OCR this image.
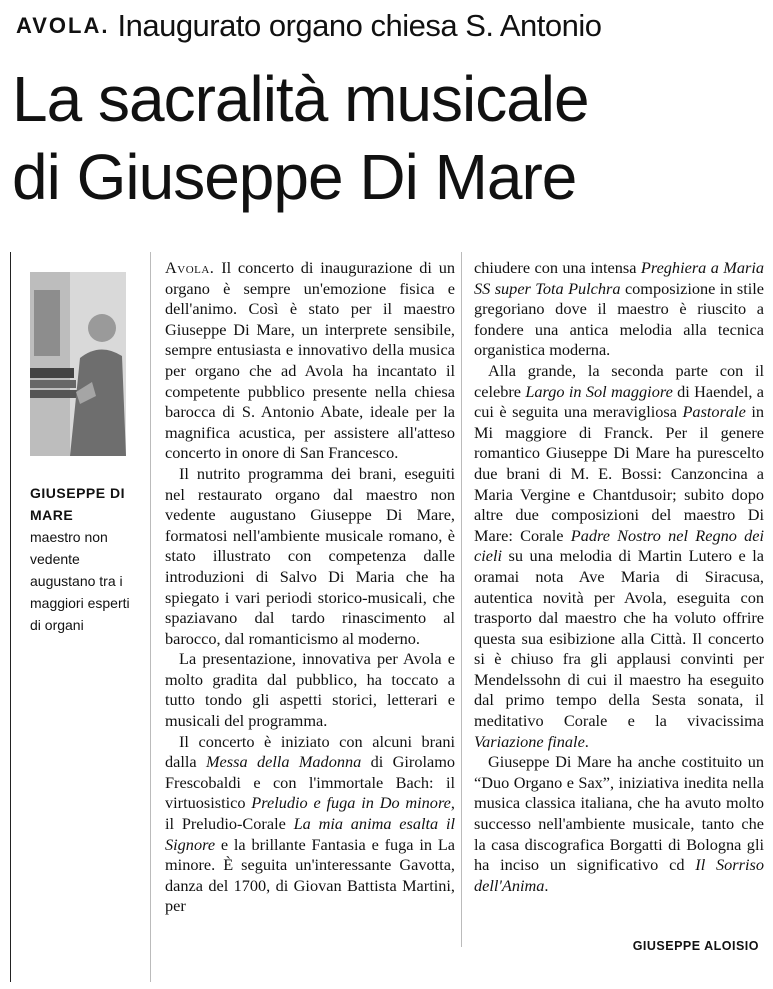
AVOLA. Inaugurato organo chiesa S. Antonio
La sacralità musicale
di Giuseppe Di Mare
GIUSEPPE DI MARE
maestro non vedente augustano tra i maggiori esperti di organi

Avola. Il concerto di inaugurazione di un organo è sempre un'emozione fisica e dell'animo. Così è stato per il maestro Giuseppe Di Mare, un interprete sensibile, sempre entusiasta e innovativo della musica per organo che ad Avola ha incantato il competente pubblico presente nella chiesa barocca di S. Antonio Abate, ideale per la magnifica acustica, per assistere all'atteso concerto in onore di San Francesco.

Il nutrito programma dei brani, eseguiti nel restaurato organo dal maestro non vedente augustano Giuseppe Di Mare, formatosi nell'ambiente musicale romano, è stato illustrato con competenza dalle introduzioni di Salvo Di Maria che ha spiegato i vari periodi storico-musicali, che spaziavano dal tardo rinascimento al barocco, dal romanticismo al moderno.

La presentazione, innovativa per Avola e molto gradita dal pubblico, ha toccato a tutto tondo gli aspetti storici, letterari e musicali del programma.

Il concerto è iniziato con alcuni brani dalla Messa della Madonna di Girolamo Frescobaldi e con l'immortale Bach: il virtuosistico Preludio e fuga in Do minore, il Preludio-Corale La mia anima esalta il Signore e la brillante Fantasia e fuga in La minore. È seguita un'interessante Gavotta, danza del 1700, di Giovan Battista Martini, per

chiudere con una intensa Preghiera a Maria SS super Tota Pulchra composizione in stile gregoriano dove il maestro è riuscito a fondere una antica melodia alla tecnica organistica moderna.

Alla grande, la seconda parte con il celebre Largo in Sol maggiore di Haendel, a cui è seguita una meravigliosa Pastorale in Mi maggiore di Franck. Per il genere romantico Giuseppe Di Mare ha purescelto due brani di M. E. Bossi: Canzoncina a Maria Vergine e Chantdusoir; subito dopo altre due composizioni del maestro Di Mare: Corale Padre Nostro nel Regno dei cieli su una melodia di Martin Lutero e la oramai nota Ave Maria di Siracusa, autentica novità per Avola, eseguita con trasporto dal maestro che ha voluto offrire questa sua esibizione alla Città. Il concerto si è chiuso fra gli applausi convinti per Mendelssohn di cui il maestro ha eseguito dal primo tempo della Sesta sonata, il meditativo Corale e la vivacissima Variazione finale.

Giuseppe Di Mare ha anche costituito un “Duo Organo e Sax”, iniziativa inedita nella musica classica italiana, che ha avuto molto successo nell'ambiente musicale, tanto che la casa discografica Borgatti di Bologna gli ha inciso un significativo cd Il Sorriso dell'Anima.

GIUSEPPE ALOISIO
